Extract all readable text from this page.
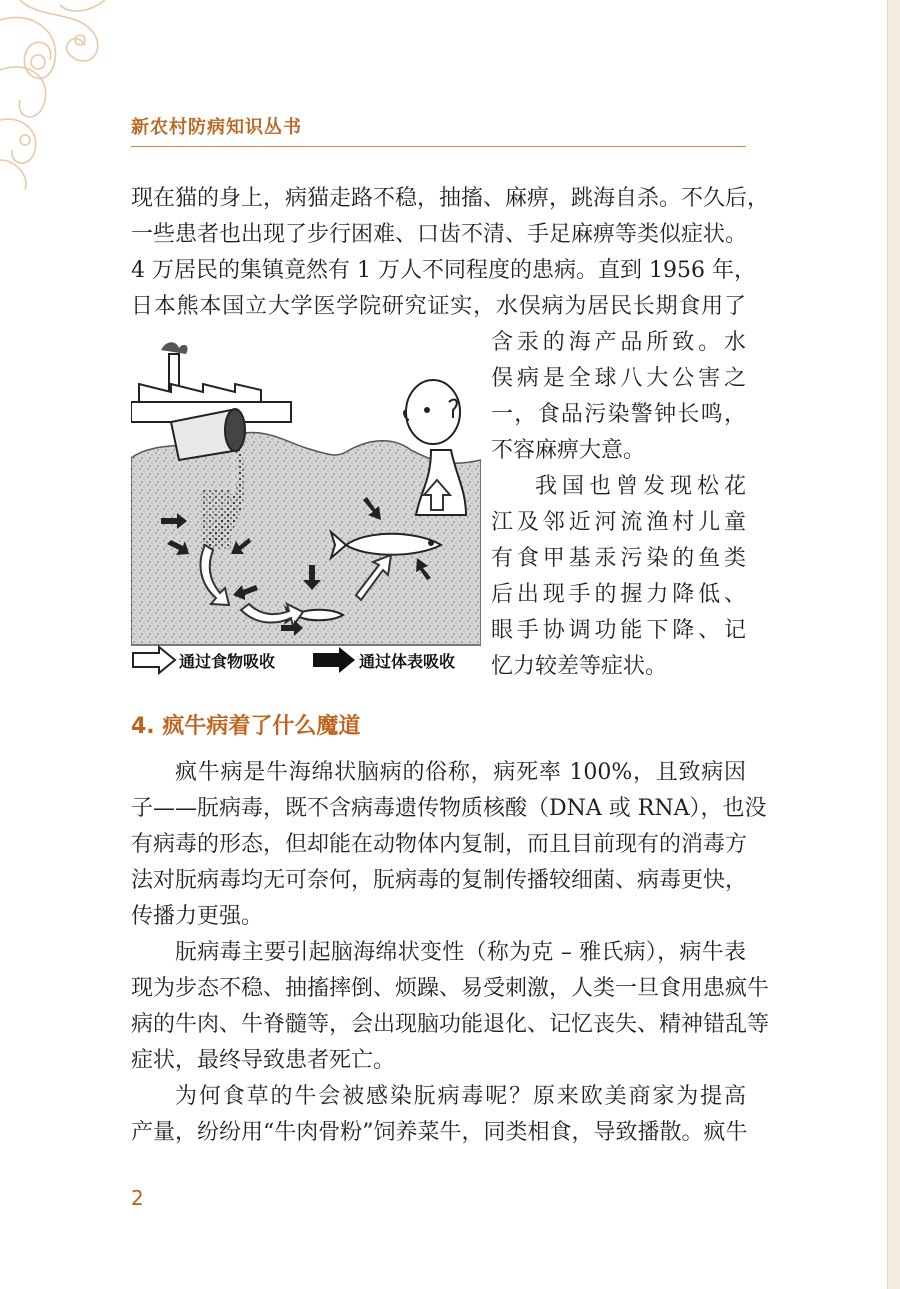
新农村防病知识丛书
现在猫的身上，病猫走路不稳，抽搐、麻痹，跳海自杀。不久后，
一些患者也出现了步行困难、口齿不清、手足麻痹等类似症状。
4 万居民的集镇竟然有 1 万人不同程度的患病。直到 1956 年，
日本熊本国立大学医学院研究证实，水俣病为居民长期食用了
含汞的海产品所致。水
俣病是全球八大公害之
一，食品污染警钟长鸣，
不容麻痹大意。
我国也曾发现松花
江及邻近河流渔村儿童
有食甲基汞污染的鱼类
后出现手的握力降低、
眼手协调功能下降、记
忆力较差等症状。
通过食物吸收	通过体表吸收
4. 疯牛病着了什么魔道
疯牛病是牛海绵状脑病的俗称，病死率 100%，且致病因
子——朊病毒，既不含病毒遗传物质核酸（DNA 或 RNA），也没
有病毒的形态，但却能在动物体内复制，而且目前现有的消毒方
法对朊病毒均无可奈何，朊病毒的复制传播较细菌、病毒更快，
传播力更强。
朊病毒主要引起脑海绵状变性（称为克 – 雅氏病），病牛表
现为步态不稳、抽搐摔倒、烦躁、易受刺激，人类一旦食用患疯牛
病的牛肉、牛脊髓等，会出现脑功能退化、记忆丧失、精神错乱等
症状，最终导致患者死亡。
为何食草的牛会被感染朊病毒呢？原来欧美商家为提高
产量，纷纷用“牛肉骨粉”饲养菜牛，同类相食，导致播散。疯牛
2
